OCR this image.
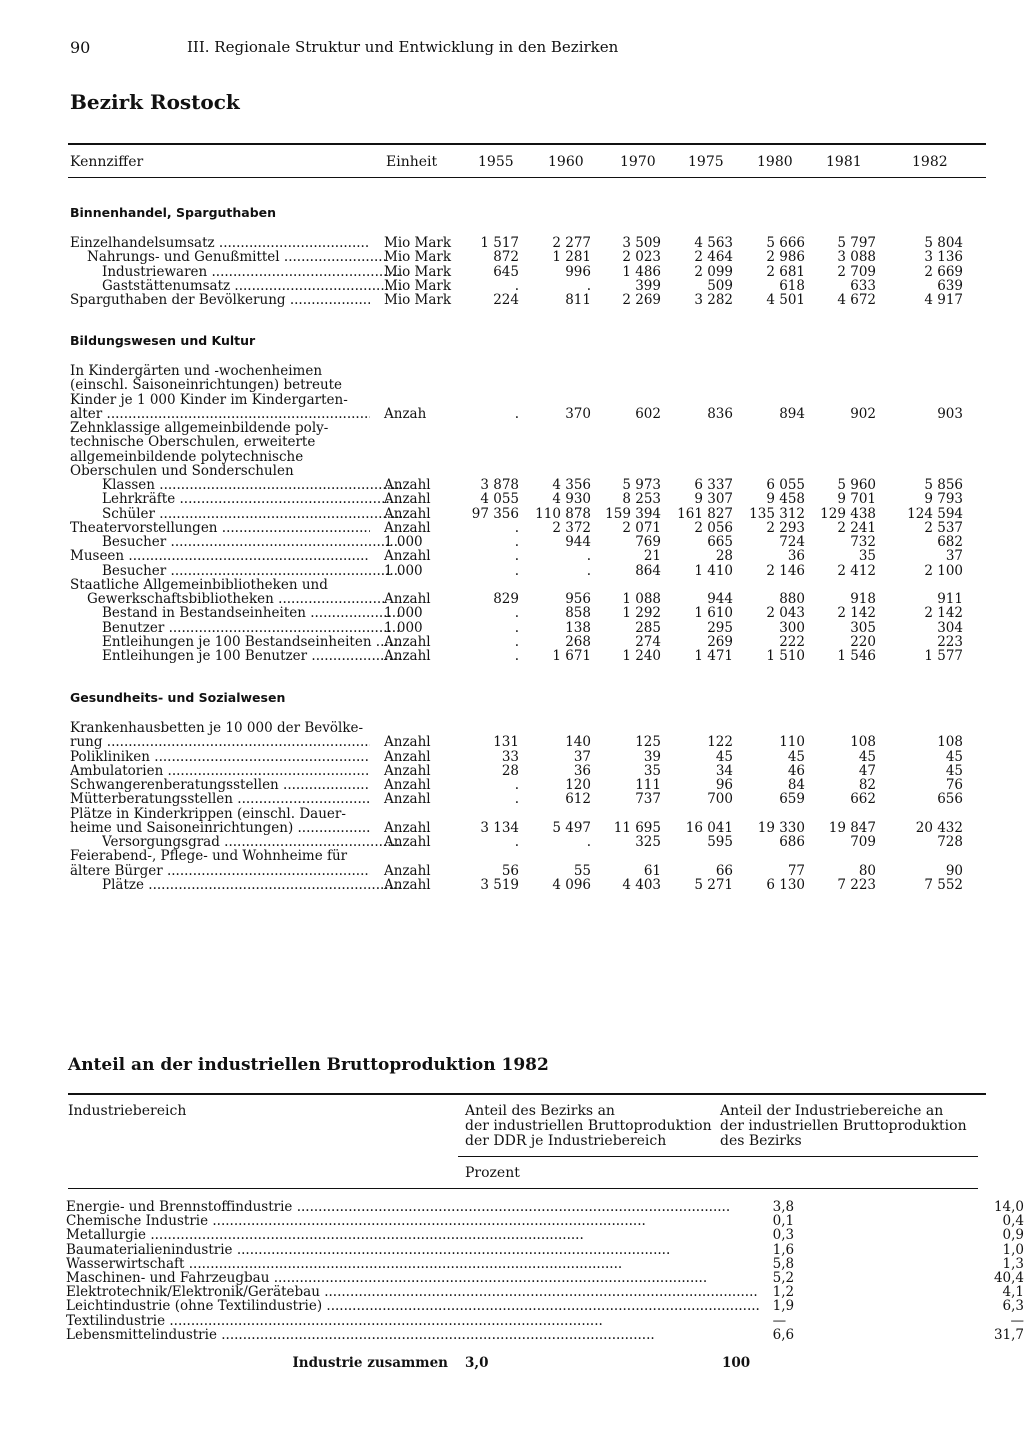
90	III. Regionale Struktur und Entwicklung in den Bezirken
Bezirk Rostock
Kennziffer	Einheit	1955 1960	1970 1975 1980 1981	1982
Binnenhandel, Sparguthaben
Einzelhandelsumsatz .....	Mio Mark	1 517	2 277	3 509	4 563	5 666	5 797	5 804
Nahrungs- und Genußmittel .....	Mio Mark	872	1 281	2 023	2 464	2 986	3 088	3 136
Industriewaren .....	Mio Mark	645	996	1 486	2 099	2 681	2 709	2 669
Gaststättenumsatz .....	Mio Mark	.	.	399	509	618	633	639
Sparguthaben der Bevölkerung .....	Mio Mark	224	811	2 269	3 282	4 501	4 672	4 917
Bildungswesen und Kultur
In Kindergärten und -wochenheimen
(einschl. Saisoneinrichtungen) betreute
Kinder je 1 000 Kinder im Kindergarten-
alter .....	Anzah	.	370	602	836	894	902	903
Zehnklassige allgemeinbildende poly-
technische Oberschulen, erweiterte
allgemeinbildende polytechnische
Oberschulen und Sonderschulen
Klassen .....	Anzahl	3 878	4 356	5 973	6 337	6 055	5 960	5 856
Lehrkräfte .....	Anzahl	4 055	4 930	8 253	9 307	9 458	9 701	9 793
Schüler .....	Anzahl	97 356	110 878	159 394	161 827	135 312	129 438	124 594
Theatervorstellungen .....	Anzahl	.	2 372	2 071	2 056	2 293	2 241	2 537
Besucher .....	1 000	.	944	769	665	724	732	682
Museen .....	Anzahl	.	.	21	28	36	35	37
Besucher .....	1 000	.	.	864	1 410	2 146	2 412	2 100
Staatliche Allgemeinbibliotheken und
Gewerkschaftsbibliotheken .....	Anzahl	829	956	1 088	944	880	918	911
Bestand in Bestandseinheiten .....	1 000	.	858	1 292	1 610	2 043	2 142	2 142
Benutzer .....	1 000	.	138	285	295	300	305	304
Entleihungen je 100 Bestandseinheiten ..... Anzahl	.	268	274	269	222	220	223
Entleihungen je 100 Benutzer .....	Anzahl	.	1 671	1 240	1 471	1 510	1 546	1 577
Gesundheits- und Sozialwesen
Krankenhausbetten je 10 000 der Bevölke-
rung .....	Anzahl	131	140	125	122	110	108	108
Polikliniken .....	Anzahl	33	37	39	45	45	45	45
Ambulatorien .....	Anzahl	28	36	35	34	46	47	45
Schwangerenberatungsstellen .....	Anzahl	.	120	111	96	84	82	76
Mütterberatungsstellen .....	Anzahl	.	612	737	700	659	662	656
Plätze in Kinderkrippen (einschl. Dauer-
heime und Saisoneinrichtungen) .....	Anzahl	3 134	5 497	11 695	16 041	19 330	19 847	20 432
Versorgungsgrad .....	Anzahl	.	.	325	595	686	709	728
Feierabend-, Pflege- und Wohnheime für
ältere Bürger .....	Anzahl	56	55	61	66	77	80	90
Plätze .....	Anzahl	3 519	4 096	4 403	5 271	6 130	7 223	7 552
Anteil an der industriellen Bruttoproduktion 1982
Industriebereich	Anteil des Bezirks an
der industriellen Bruttoproduktion
der DDR je Industriebereich
Anteil der Industriebereiche an
der industriellen Bruttoproduktion
des Bezirks
Prozent
Energie- und Brennstoffindustrie .....		3,8	14,0
Chemische Industrie .....		0,1	0,4
Metallurgie .....		0,3	0,9
Baumaterialienindustrie .....		1,6	1,0
Wasserwirtschaft .....		5,8	1,3
Maschinen- und Fahrzeugbau .....		5,2	40,4
Elektrotechnik/Elektronik/Gerätebau .....		1,2	4,1
Leichtindustrie (ohne Textilindustrie) .....		1,9	6,3
Textilindustrie .....		—	—
Lebensmittelindustrie .....		6,6	31,7
Industrie zusammen 3,0	100
